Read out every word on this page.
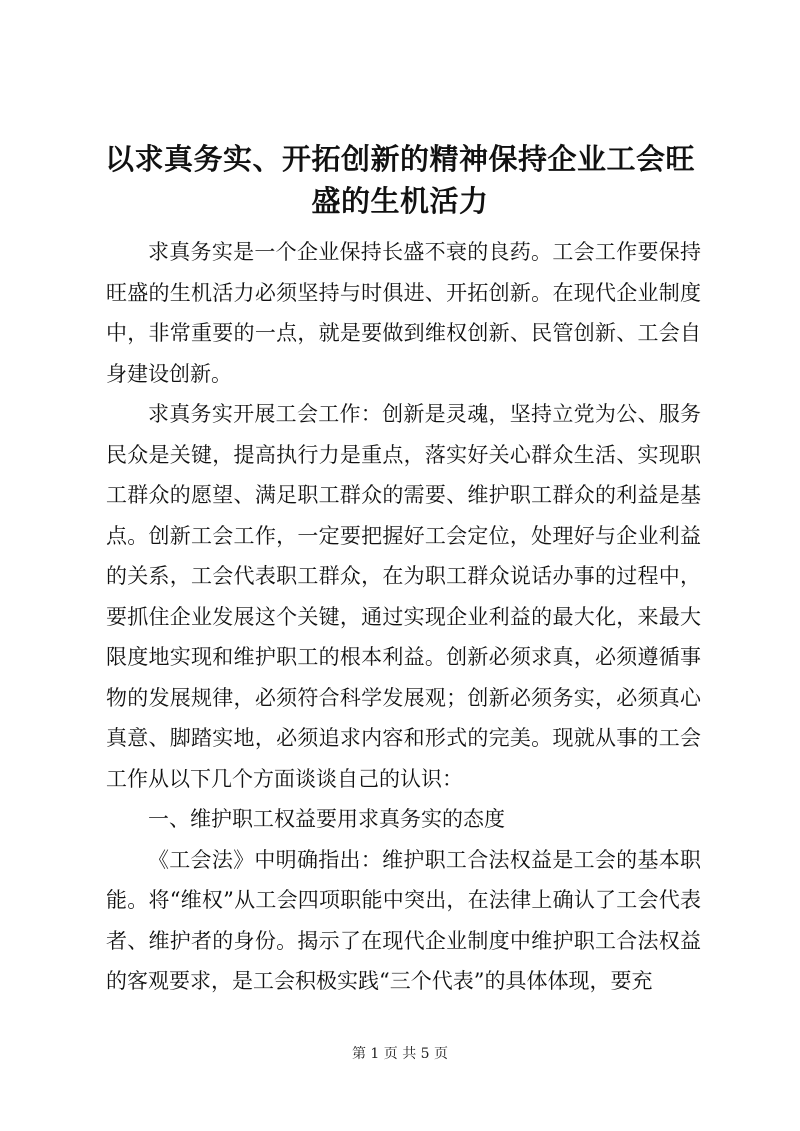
以求真务实、开拓创新的精神保持企业工会旺盛的生机活力

求真务实是一个企业保持长盛不衰的良药。工会工作要保持旺盛的生机活力必须坚持与时俱进、开拓创新。在现代企业制度中，非常重要的一点，就是要做到维权创新、民管创新、工会自身建设创新。

求真务实开展工会工作：创新是灵魂，坚持立党为公、服务民众是关键，提高执行力是重点，落实好关心群众生活、实现职工群众的愿望、满足职工群众的需要、维护职工群众的利益是基点。创新工会工作，一定要把握好工会定位，处理好与企业利益的关系，工会代表职工群众，在为职工群众说话办事的过程中，要抓住企业发展这个关键，通过实现企业利益的最大化，来最大限度地实现和维护职工的根本利益。创新必须求真，必须遵循事物的发展规律，必须符合科学发展观；创新必须务实，必须真心真意、脚踏实地，必须追求内容和形式的完美。现就从事的工会工作从以下几个方面谈谈自己的认识：

一、维护职工权益要用求真务实的态度

《工会法》中明确指出：维护职工合法权益是工会的基本职能。将“维权”从工会四项职能中突出，在法律上确认了工会代表者、维护者的身份。揭示了在现代企业制度中维护职工合法权益的客观要求，是工会积极实践“三个代表”的具体体现，要充

第 1 页 共 5 页
